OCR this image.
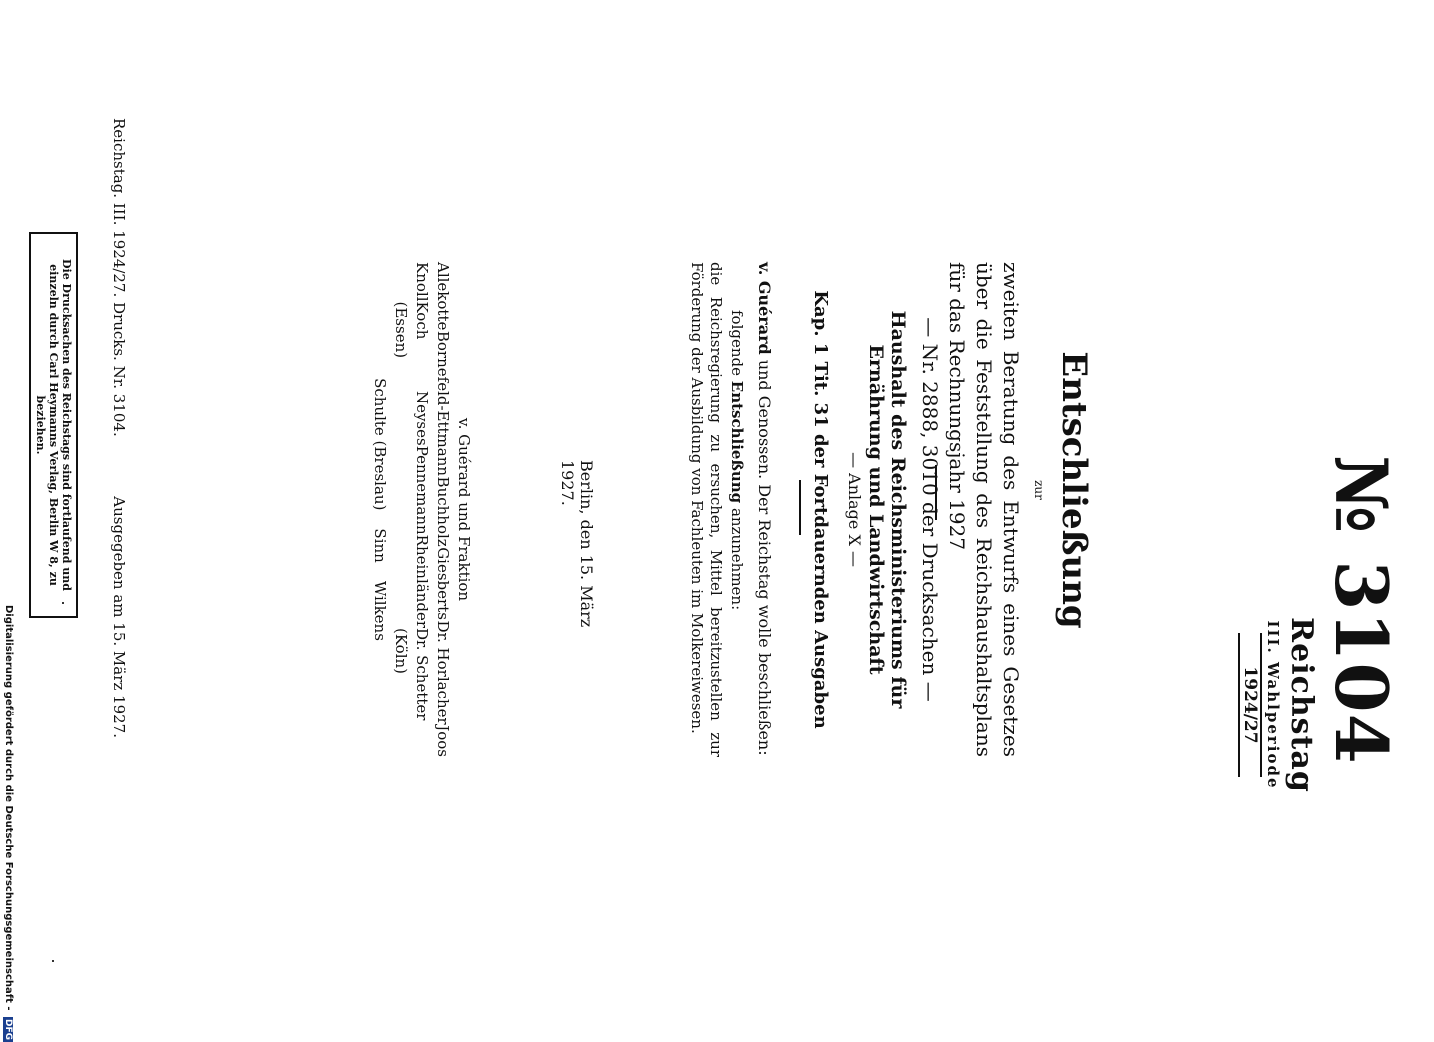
№ 3104
Reichstag
III. Wahlperiode
1924/27
Entschließung
zur
zweiten Beratung des Entwurfs eines Gesetzes über die Feststellung des Reichshaushaltsplans für das Rechnungsjahr 1927
— Nr. 2888, 3010 der Drucksachen —
Haushalt des Reichsministeriums für Ernährung und Landwirtschaft
— Anlage X —
Kap. 1 Tit. 31 der Fortdauernden Ausgaben
v. Guérard und Genossen. Der Reichstag wolle beschließen:
folgende Entschließung anzunehmen:
die Reichsregierung zu ersuchen, Mittel bereitzustellen zur Förderung der Ausbildung von Fachleuten im Molkereiwesen.
Berlin, den 15. März 1927.
v. Guérard und Fraktion
Allekotte
Bornefeld-Ettmann
Buchholz
Giesberts
Dr. Horlacher
Joos
Knoll
Koch (Essen)
Neyses
Pennemann
Rheinländer
Dr. Schetter (Köln)
Schulte (Breslau)
Sinn
Wilkens
Reichstag. III. 1924/27. Drucks. Nr. 3104.
Ausgegeben am 15. März 1927.
Die Drucksachen des Reichstags sind fortlaufend und einzeln durch Carl Heymanns Verlag, Berlin W 8, zu beziehen.
Digitalisierung gefördert durch die Deutsche Forschungsgemeinschaft - DFG
